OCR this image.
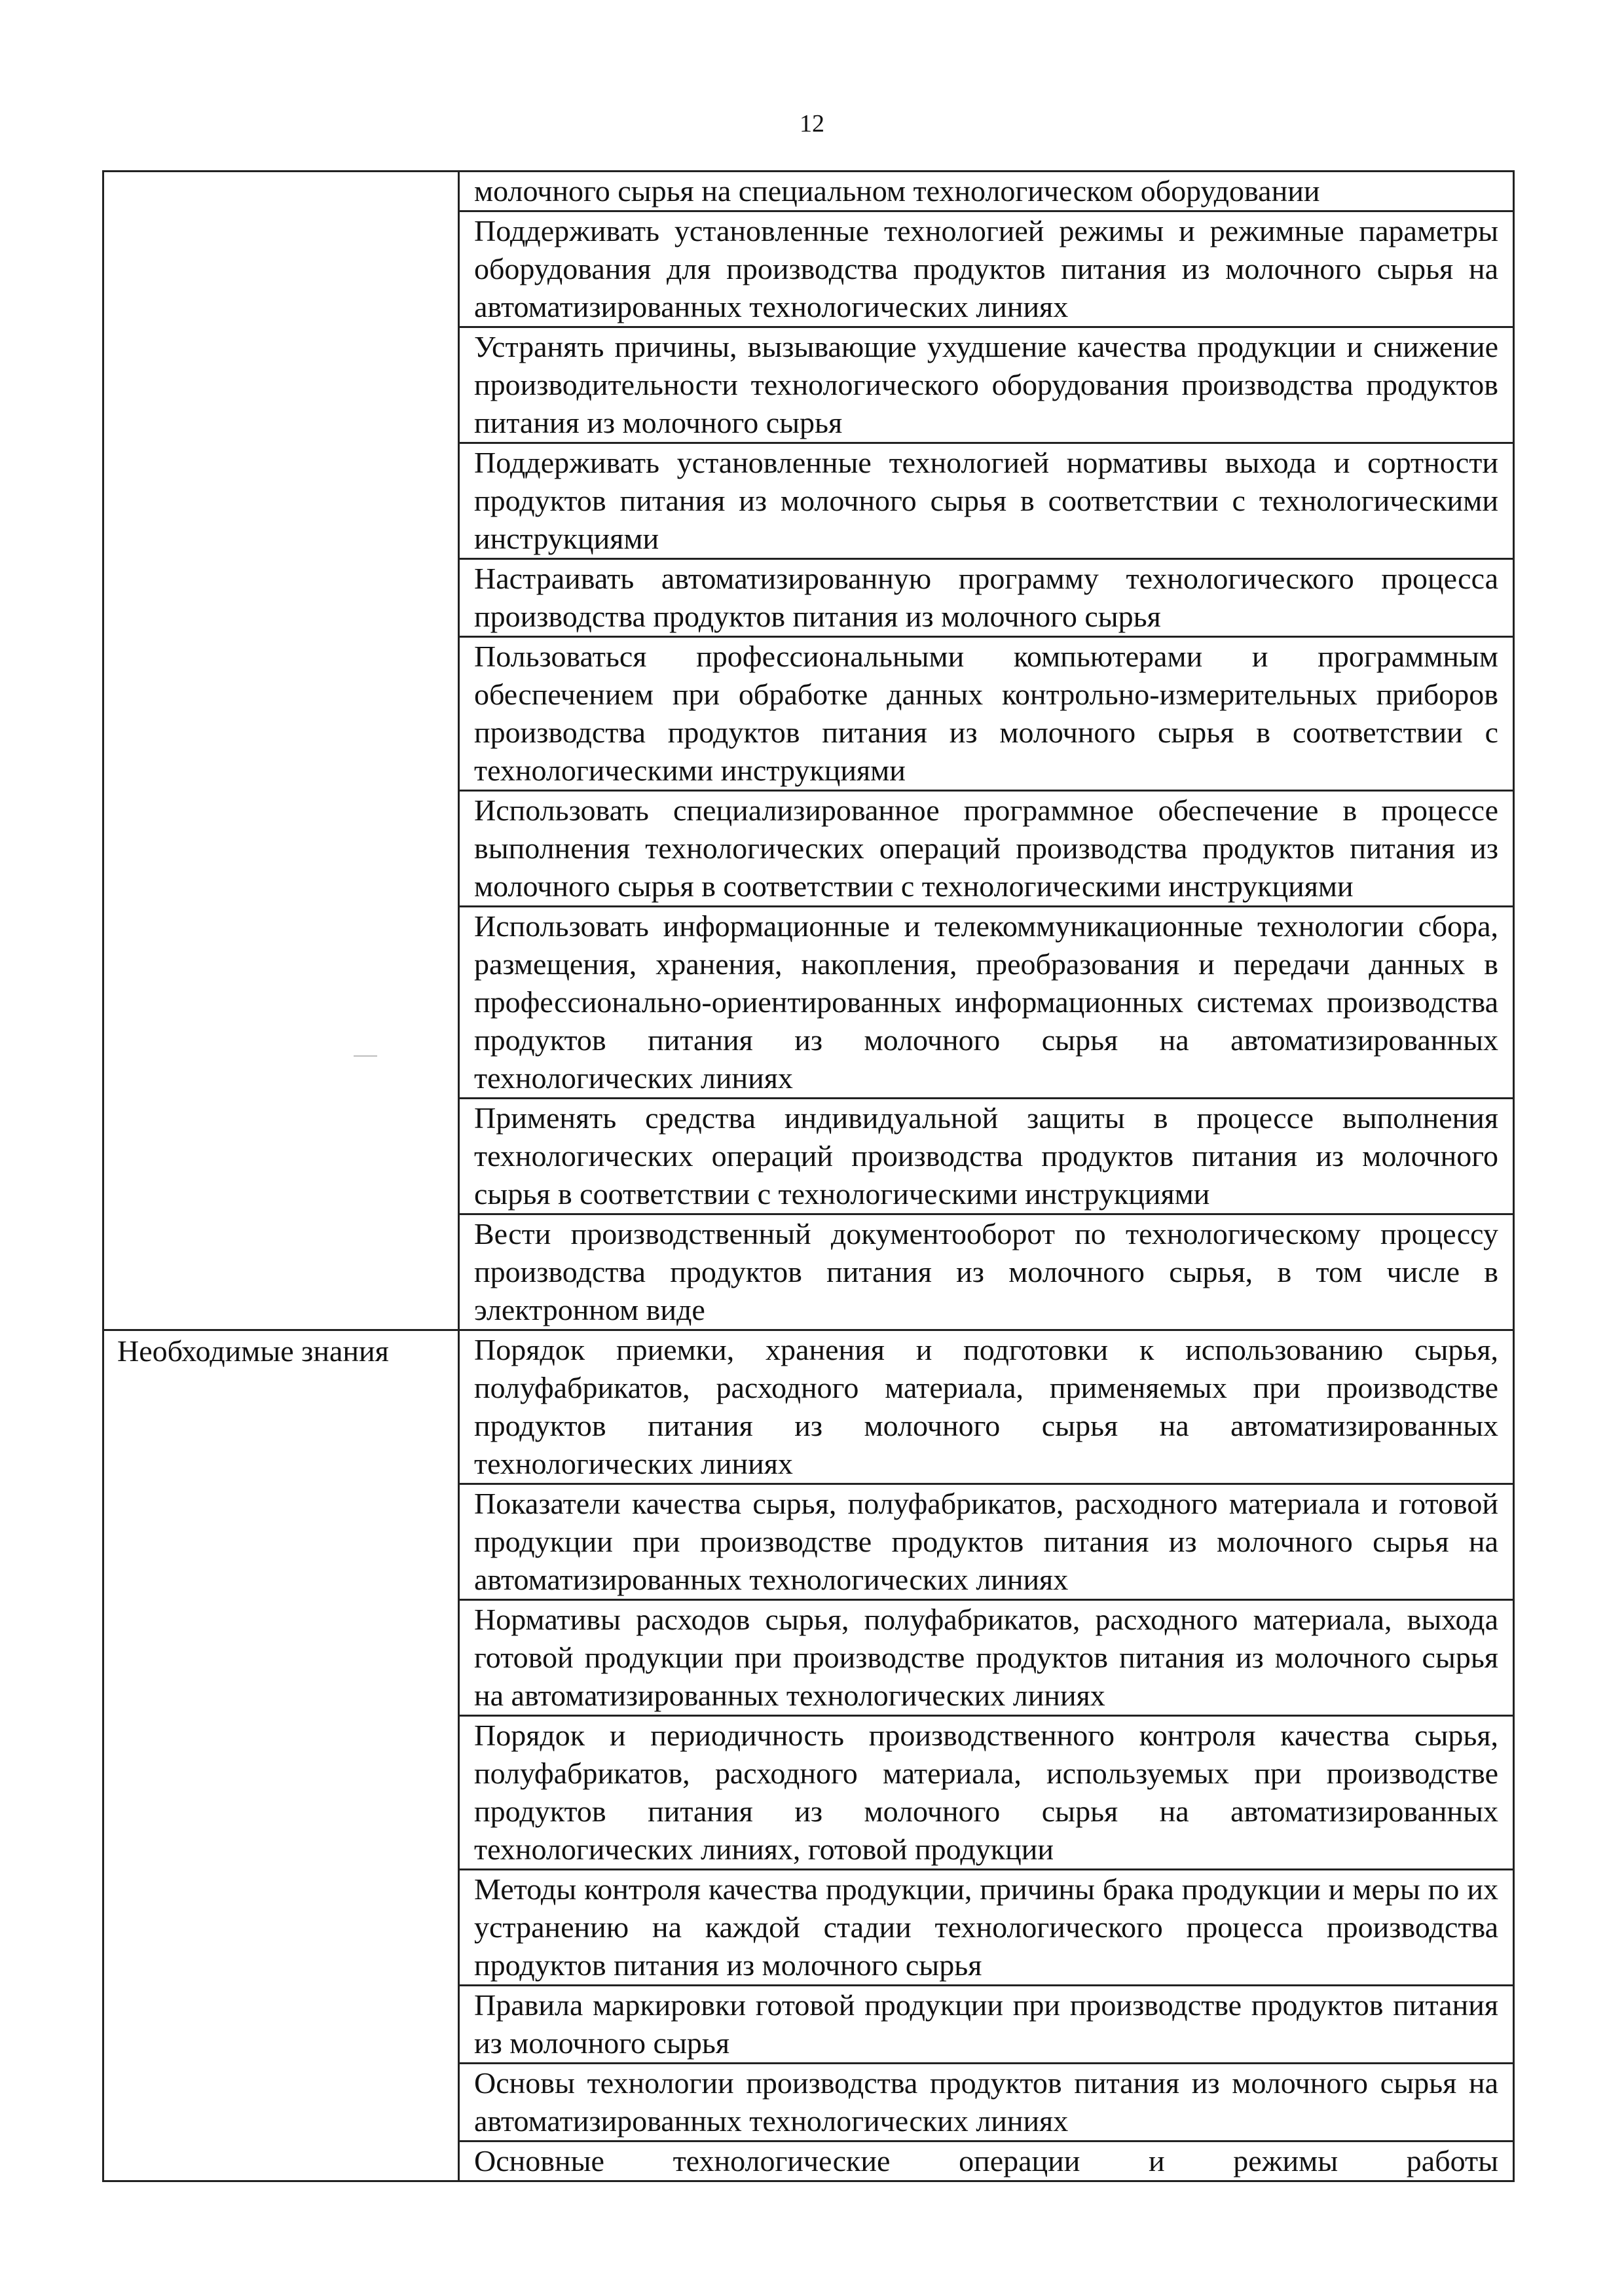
12
	молочного сырья на специальном технологическом оборудовании
	Поддерживать установленные технологией режимы и режимные параметры оборудования для производства продуктов питания из молочного сырья на автоматизированных технологических линиях
	Устранять причины, вызывающие ухудшение качества продукции и снижение производительности технологического оборудования производства продуктов питания из молочного сырья
	Поддерживать установленные технологией нормативы выхода и сортности продуктов питания из молочного сырья в соответствии с технологическими инструкциями
	Настраивать автоматизированную программу технологического процесса производства продуктов питания из молочного сырья
	Пользоваться профессиональными компьютерами и программным обеспечением при обработке данных контрольно-измерительных приборов производства продуктов питания из молочного сырья в соответствии с технологическими инструкциями
	Использовать специализированное программное обеспечение в процессе выполнения технологических операций производства продуктов питания из молочного сырья в соответствии с технологическими инструкциями
	Использовать информационные и телекоммуникационные технологии сбора, размещения, хранения, накопления, преобразования и передачи данных в профессионально-ориентированных информационных системах производства продуктов питания из молочного сырья на автоматизированных технологических линиях
	Применять средства индивидуальной защиты в процессе выполнения технологических операций производства продуктов питания из молочного сырья в соответствии с технологическими инструкциями
	Вести производственный документооборот по технологическому процессу производства продуктов питания из молочного сырья, в том числе в электронном виде
Необходимые знания	Порядок приемки, хранения и подготовки к использованию сырья, полуфабрикатов, расходного материала, применяемых при производстве продуктов питания из молочного сырья на автоматизированных технологических линиях
	Показатели качества сырья, полуфабрикатов, расходного материала и готовой продукции при производстве продуктов питания из молочного сырья на автоматизированных технологических линиях
	Нормативы расходов сырья, полуфабрикатов, расходного материала, выхода готовой продукции при производстве продуктов питания из молочного сырья на автоматизированных технологических линиях
	Порядок и периодичность производственного контроля качества сырья, полуфабрикатов, расходного материала, используемых при производстве продуктов питания из молочного сырья на автоматизированных технологических линиях, готовой продукции
	Методы контроля качества продукции, причины брака продукции и меры по их устранению на каждой стадии технологического процесса производства продуктов питания из молочного сырья
	Правила маркировки готовой продукции при производстве продуктов питания из молочного сырья
	Основы технологии производства продуктов питания из молочного сырья на автоматизированных технологических линиях
	Основные технологические операции и режимы работы
